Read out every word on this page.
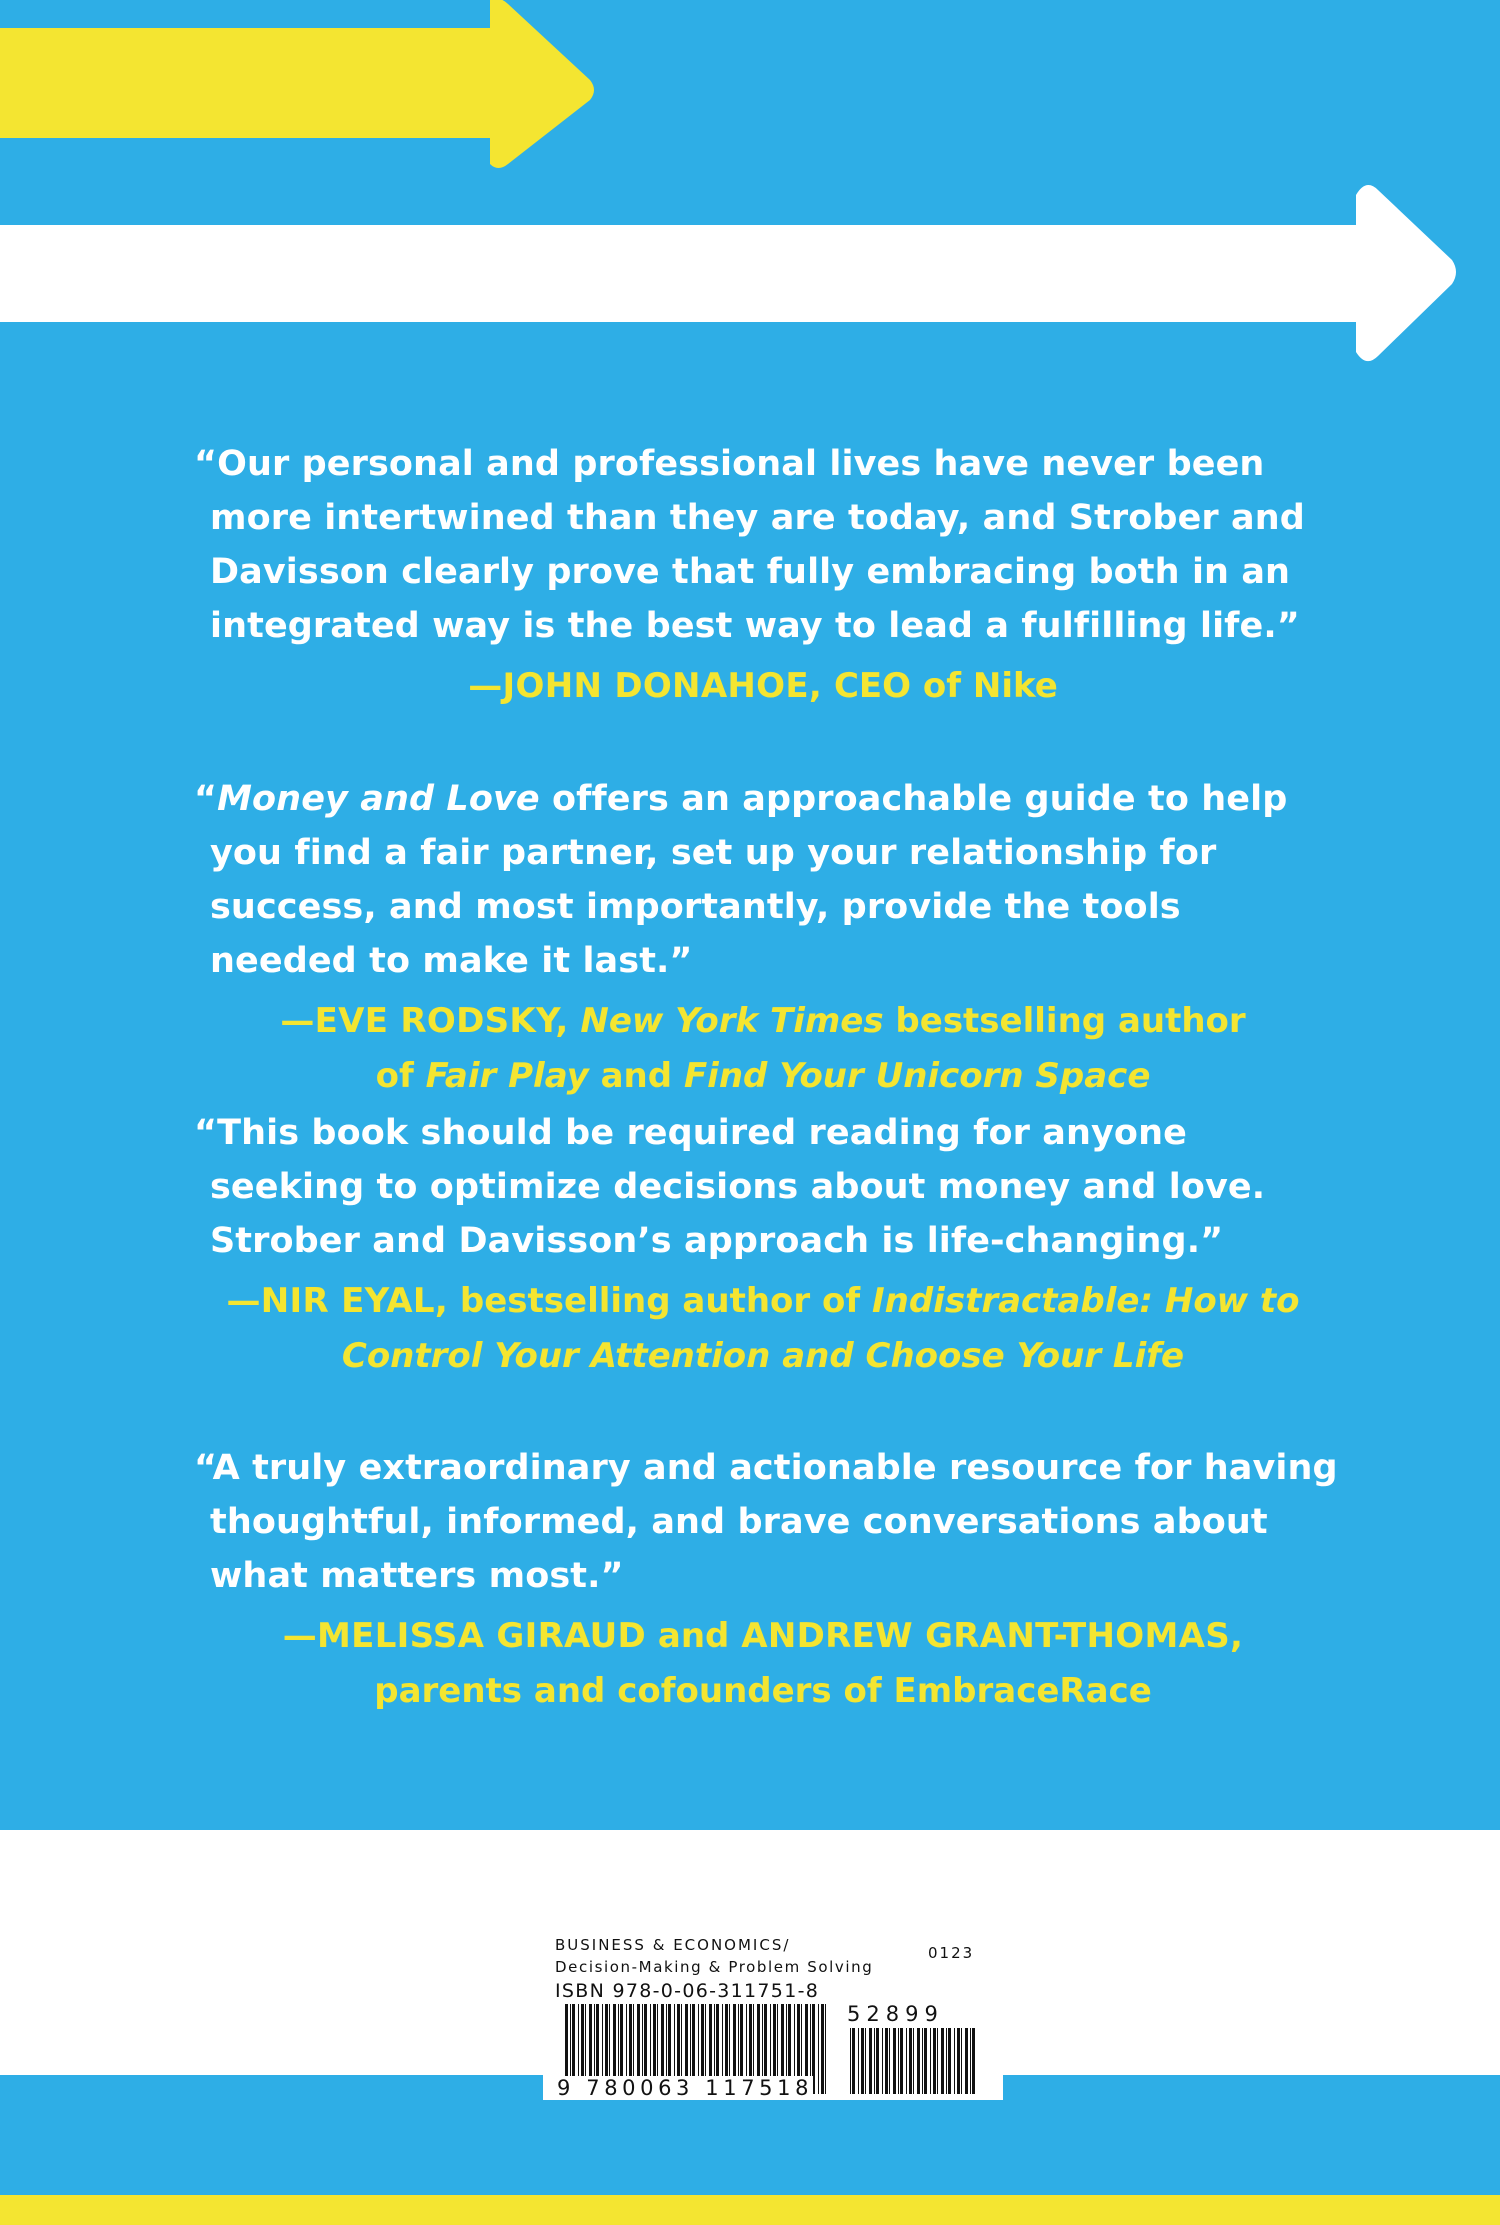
“Our personal and professional lives have never been more intertwined than they are today, and Strober and Davisson clearly prove that fully embracing both in an integrated way is the best way to lead a fulfilling life.”

—JOHN DONAHOE, CEO of Nike

“Money and Love offers an approachable guide to help you find a fair partner, set up your relationship for success, and most importantly, provide the tools needed to make it last.”

—EVE RODSKY, New York Times bestselling author
of Fair Play and Find Your Unicorn Space

“This book should be required reading for anyone seeking to optimize decisions about money and love. Strober and Davisson’s approach is life-changing.”

—NIR EYAL, bestselling author of Indistractable: How to Control Your Attention and Choose Your Life

“A truly extraordinary and actionable resource for having thoughtful, informed, and brave conversations about what matters most.”

—MELISSA GIRAUD and ANDREW GRANT-THOMAS,
parents and cofounders of EmbraceRace

BUSINESS & ECONOMICS/
Decision-Making & Problem Solving
0123
ISBN 978-0-06-311751-8
52899
9 780063 117518
